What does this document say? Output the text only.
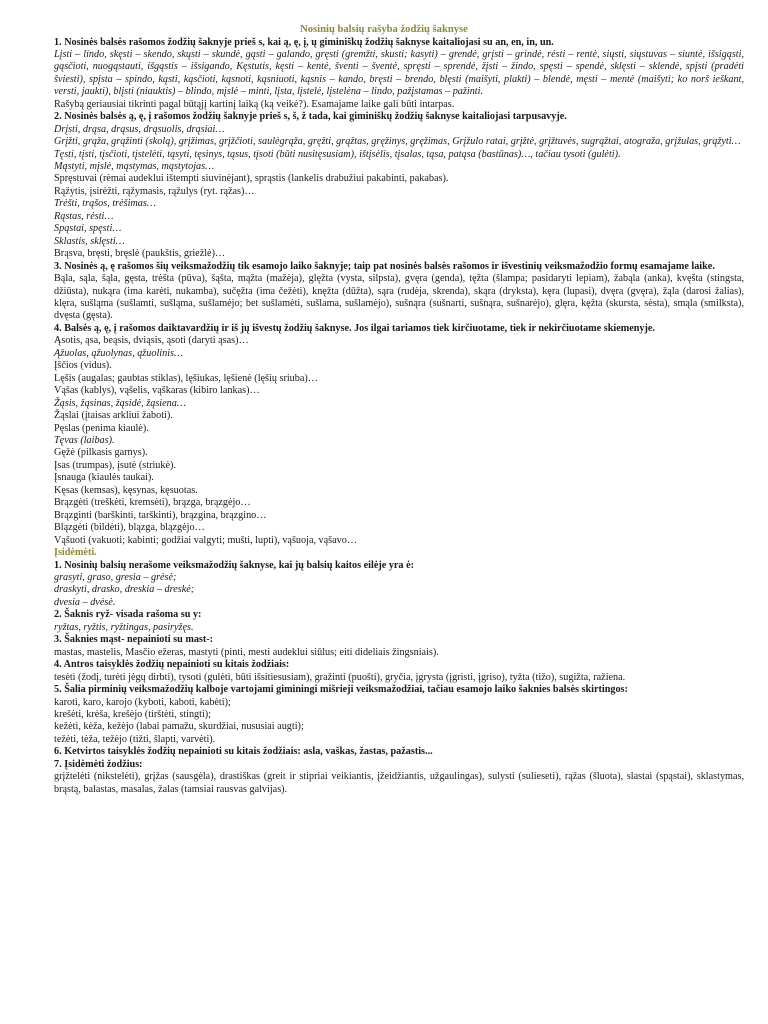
Nosinių balsių rašyba žodžių šaknyse

1. Nosinės balsės rašomos žodžių šaknyje prieš s, kai ą, ę, į, ų giminiškų žodžių šaknyse kaitaliojasi su an, en, in, un.

Lįsti – lindo, skęsti – skendo, skųsti – skundė, gąsti – galando, gręsti (gremžti, skusti; kasyti) – grendė, grįsti – grindė, rėsti – rentė, siųsti, siųstuvas – siuntė, išsigąsti, gąsčioti, nuogąstauti, išgąstis – išsigando, Kęstutis, kęsti – kentė, šventi – šventė, spręsti – sprendė, žįsti – žindo, spęsti – spendė, sklęsti – sklendė, spįsti (pradėti šviesti), spįsta – spindo, kąsti, kąsčioti, kąsnoti, kąsniuoti, kąsnis – kando, bręsti – brendo, blęsti (maišyti, plakti) – blendė, męsti – mentė (maišyti; ko norš ieškant, versti, jaukti), blįsti (niauktis) – blindo, mįslė – minti, lįsta, lįstelė, lįstelėna – lindo, pažįstamas – pažinti.

Rašybą geriausiai tikrinti pagal būtąjį kartinį laiką (ką veikė?). Esamajame laike gali būti intarpas.

2. Nosinės balsės ą, ę, į rašomos žodžių šaknyje prieš s, š, ž tada, kai giminiškų žodžių šaknyse kaitaliojasi tarpusavyje.

Drįsti, drąsa, drąsus, drąsuolis, drąsiai…

Grįžti, grąža, grąžinti (skolą), grįžimas, grįžčioti, saulėgrąža, gręžti, grąžtas, gręžinys, gręžimas, Grįžulo ratai, grįžtė, grįžtuvės, sugrąžtai, atograža, grįžulas, grąžyti…

Tęsti, tįsti, tįsčioti, tįstelėti, tąsyti, tęsinys, tąsus, tįsoti (būti nusitęsusiam), ištįsėlis, tįsalas, tąsa, patąsa (bastūnas)…, tačiau tysoti (gulėti).

Mąstyti, mįslė, mąstymas, mąstytojas…

Spręstuvai (rėmai audeklui ištempti siuvinėjant), sprąstis (lankelis drabužiui pakabinti, pakabas).

Rąžytis, įsirėžti, rąžymasis, rąžulys (ryt. rąžas)…

Trėšti, trąšos, trėšimas…

Rąstas, rėsti…

Spąstai, spęsti…

Sklastis, sklęsti…

Brąsva, bręsti, bręslė (paukštis, griežlė)…

3. Nosinės ą, ę rašomos šių veiksmažodžių tik esamojo laiko šaknyje; taip pat nosinės balsės rašomos ir išvestinių veiksmažodžio formų esamajame laike.

Bąla, sąla, šąla, gęsta, trėšta (pūva), šąšta, mąžta (mažėja), glęžta (vysta, silpsta), gvęra (genda), tęžta (šlampa; pasidaryti lepiam), žabąla (anka), kvęšta (stingsta, džiūsta), nukąra (ima karėti, nukamba), sučęžta (ima čežėti), knęžta (dūžta), sąra (rudėja, skrenda), skąra (dryksta), kęra (lupasi), dvęra (gvęra), žąla (darosi žalias), klęra, sušląma (sušlamti, sušląma, sušlamėjo; bet sušlamėti, sušlama, sušlamėjo), sušnąra (sušnarti, sušnąra, sušnarėjo), glęra, kęžta (skursta, sėsta), smąla (smilksta), dvęsta (gęsta).

4. Balsės ą, ę, į rašomos daiktavardžių ir iš jų išvestų žodžių šaknyse. Jos ilgai tariamos tiek kirčiuotame, tiek ir nekirčiuotame skiemenyje.

Ąsotis, ąsa, beąsis, dviąsis, ąsoti (daryti ąsas)…

Ąžuolas, ąžuolynas, ąžuolinis…

Įščios (vidus).

Lęšis (augalas; gaubtas stiklas), lęšiukas, lęšienė (lęšių sriuba)…

Vąšas (kablys), vąšelis, vąškaras (kibiro lankas)…

Žąsis, žąsinas, žąsidė, žąsiena…

Žąslai (įtaisas arkliui žaboti).

Pęslas (penima kiaulė).

Tęvas (laibas).

Gęžė (pilkasis garnys).

Įsas (trumpas), įsutė (striukė).

Įsnauga (kiaulės taukai).

Kęsas (kemsas), kęsynas, kęsuotas.

Brązgėti (treškėti, kremsėti), brązga, brązgėjo…

Brązginti (barškinti, tarškinti), brązgina, brązgino…

Blązgėti (bildėti), blązga, blązgėjo…

Vąšuoti (vakuoti; kabinti; godžiai valgyti; mušti, lupti), vąšuoja, vąšavo…

Įsidėmėti.

1. Nosinių balsių nerašome veiksmažodžių šaknyse, kai jų balsių kaitos eilėje yra ė:

grasyti, graso, gresia – grėsė;

draskyti, drasko, dreskia – dreskė;

dvesia – dvėsė.

2. Šaknis ryž- visada rašoma su y:

ryžtas, ryžtis, ryžtingas, pasiryžęs.

3. Šaknies mąst- nepainioti su mast-:

mastas, mastelis, Masčio ežeras, mastyti (pinti, mesti audeklui siūlus; eiti dideliais žingsniais).

4. Antros taisyklės žodžių nepainioti su kitais žodžiais:

tesėti (žodį, turėti jėgų dirbti), tysoti (gulėti, būti išsitiesusiam), gražinti (puošti), gryčia, įgrysta (įgristi, įgriso), tyžta (tižo), sugižta, ražiena.

5. Šalia pirminių veiksmažodžių kalboje vartojami giminingi mišrieji veiksmažodžiai, tačiau esamojo laiko šaknies balsės skirtingos:

karoti, karo, karojo (kyboti, kaboti, kabėti);

krešėti, krėša, krešėjo (tirštėti, stingti);

kežėti, kėža, kežėjo (labai pamažu, skurdžiai, nususiai augti);

težėti, tėža, težėjo (tižti, šlapti, varvėti).

6. Ketvirtos taisyklės žodžių nepainioti su kitais žodžiais: asla, vaškas, žastas, pažastis...

7. Įsidėmėti žodžius:

grįžtelėti (nikstelėti), grįžas (sausgėla), drastiškas (greit ir stipriai veikiantis, įžeidžiantis, užgaulingas), sulysti (sulieseti), rąžas (šluota), slastai (spąstai), sklastymas, brąstą, balastas, masalas, žalas (tamsiai rausvas galvijas).
